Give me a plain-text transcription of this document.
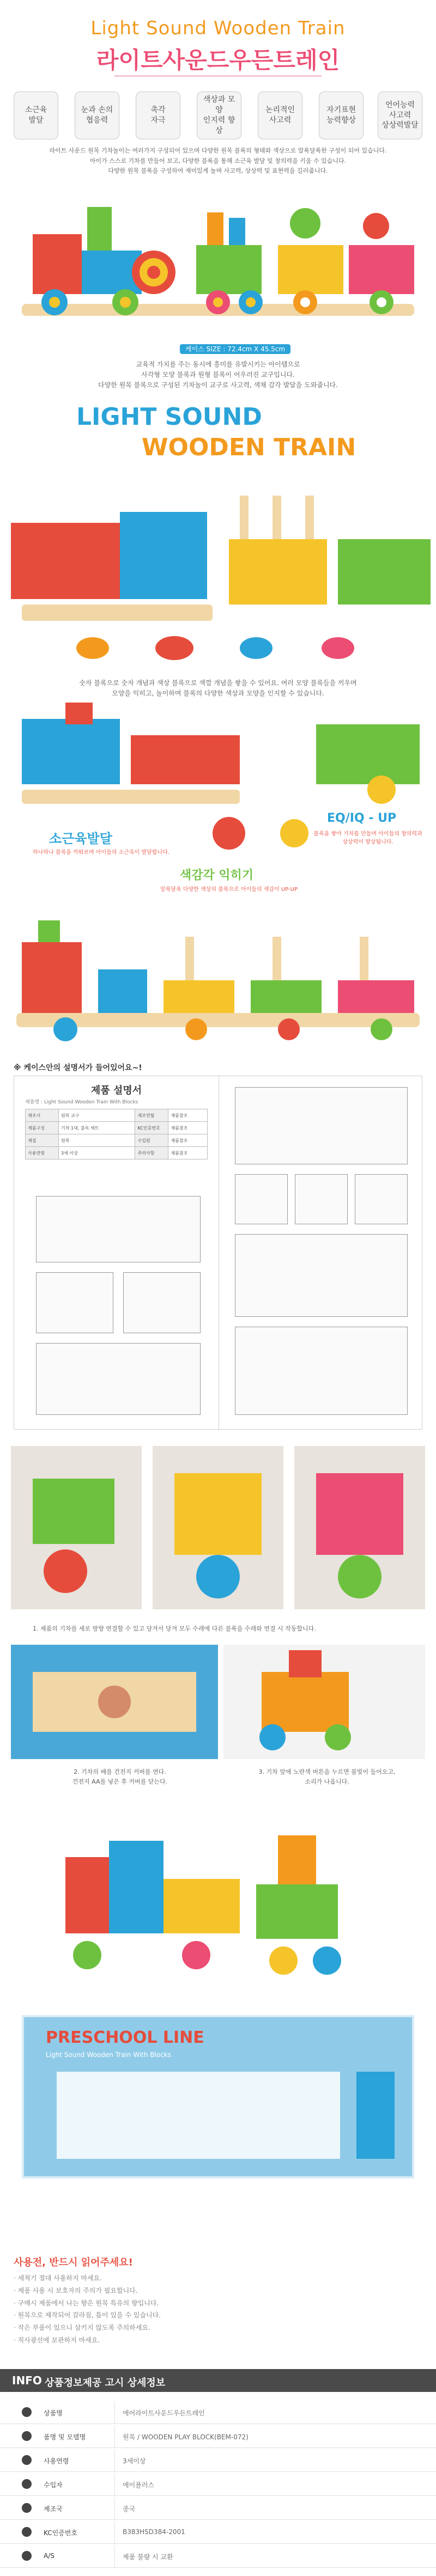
Light Sound Wooden Train
라이트사운드우든트레인
소근육
발달
눈과 손의
협응력
촉각
자극
색상과 모양
인지력 향상
논리적인
사고력
자기표현
능력향상
언어능력
사고력
상상력발달
라이트 사운드 원목 기차놀이는 여러가지 구성되어 있으며 다양한 원목 블록의 형태와 색상으로 알록달록한 구성이 되어 있습니다.
아이가 스스로 기차를 만들어 보고, 다양한 블록을 통해 소근육 발달 및 창의력을 키울 수 있습니다.
다양한 원목 블록을 구성하여 재미있게 놀며 사고력, 상상력 및 표현력을 길러줍니다.
케이스 SIZE : 72.4cm X 45.5cm
교육적 가치를 주는 동시에 흥미를 유발시키는 아이템으로
사각형 모양 블록과 원형 블록이 어우러진 교구입니다.
다양한 원목 블록으로 구성된 기차놀이 교구로 사고력, 색채 감각 발달을 도와줍니다.
LIGHT SOUND
WOODEN TRAIN
숫자 블록으로 숫자 개념과 색상 블록으로 색깔 개념을 쌓을 수 있어요. 여러 모양 블록들을 끼우며
모양을 익히고, 놀이하며 블록의 다양한 색상과 모양을 인지할 수 있습니다.
소근육발달
하나하나 블록을 끼워보며 아이들의 소근육이 발달합니다.
색감각 익히기
알록달록 다양한 색상의 블록으로 아이들의 색감이 UP-UP
EQ/IQ - UP
블록을 쌓아 기차를 만들며 아이들의 창의력과
상상력이 향상됩니다.
※ 케이스안의 설명서가 들어있어요~!
제품 설명서
제품명 : Light Sound Wooden Train With Blocks
제조사	원목 교구	제조연월	제품참조
제품구성	기차 1대, 블록 세트	KC인증번호	제품참조
재질	원목	수입원	제품참조
사용연령	3세 이상	주의사항	제품참조
1. 제품의 기차를 세로 방향 연결할 수 있고 당겨서 당겨 모두 수레에 다른 블록을 수레와 연결 시 작동합니다.
2. 기차의 배를 건전지 커버를 연다.
건전지 AA를 넣은 후 커버를 닫는다.
3. 기차 앞에 노란색 버튼을 누르면 불빛이 들어오고,
소리가 나옵니다.
PRESCHOOL LINE
Light Sound Wooden Train With Blocks
사용전, 반드시 읽어주세요!
· 세척기 절대 사용하지 마세요.
· 제품 사용 시 보호자의 주의가 필요합니다.
· 구매시 제품에서 나는 향은 원목 특유의 향입니다.
· 원목으로 제작되어 갈라짐, 틈이 있을 수 있습니다.
· 작은 부품이 있으니 삼키지 않도록 주의하세요.
· 직사광선에 보관하지 마세요.
INFO 상품정보제공 고시 상세정보
상품명	에어라이트사운드우든트레인
품명 및 모델명	원목 / WOODEN PLAY BLOCK(BEM-072)
사용연령	3세이상
수입자	에이플러스
제조국	중국
KC인증번호	B383HSD384-2001
A/S	제품 불량 시 교환
